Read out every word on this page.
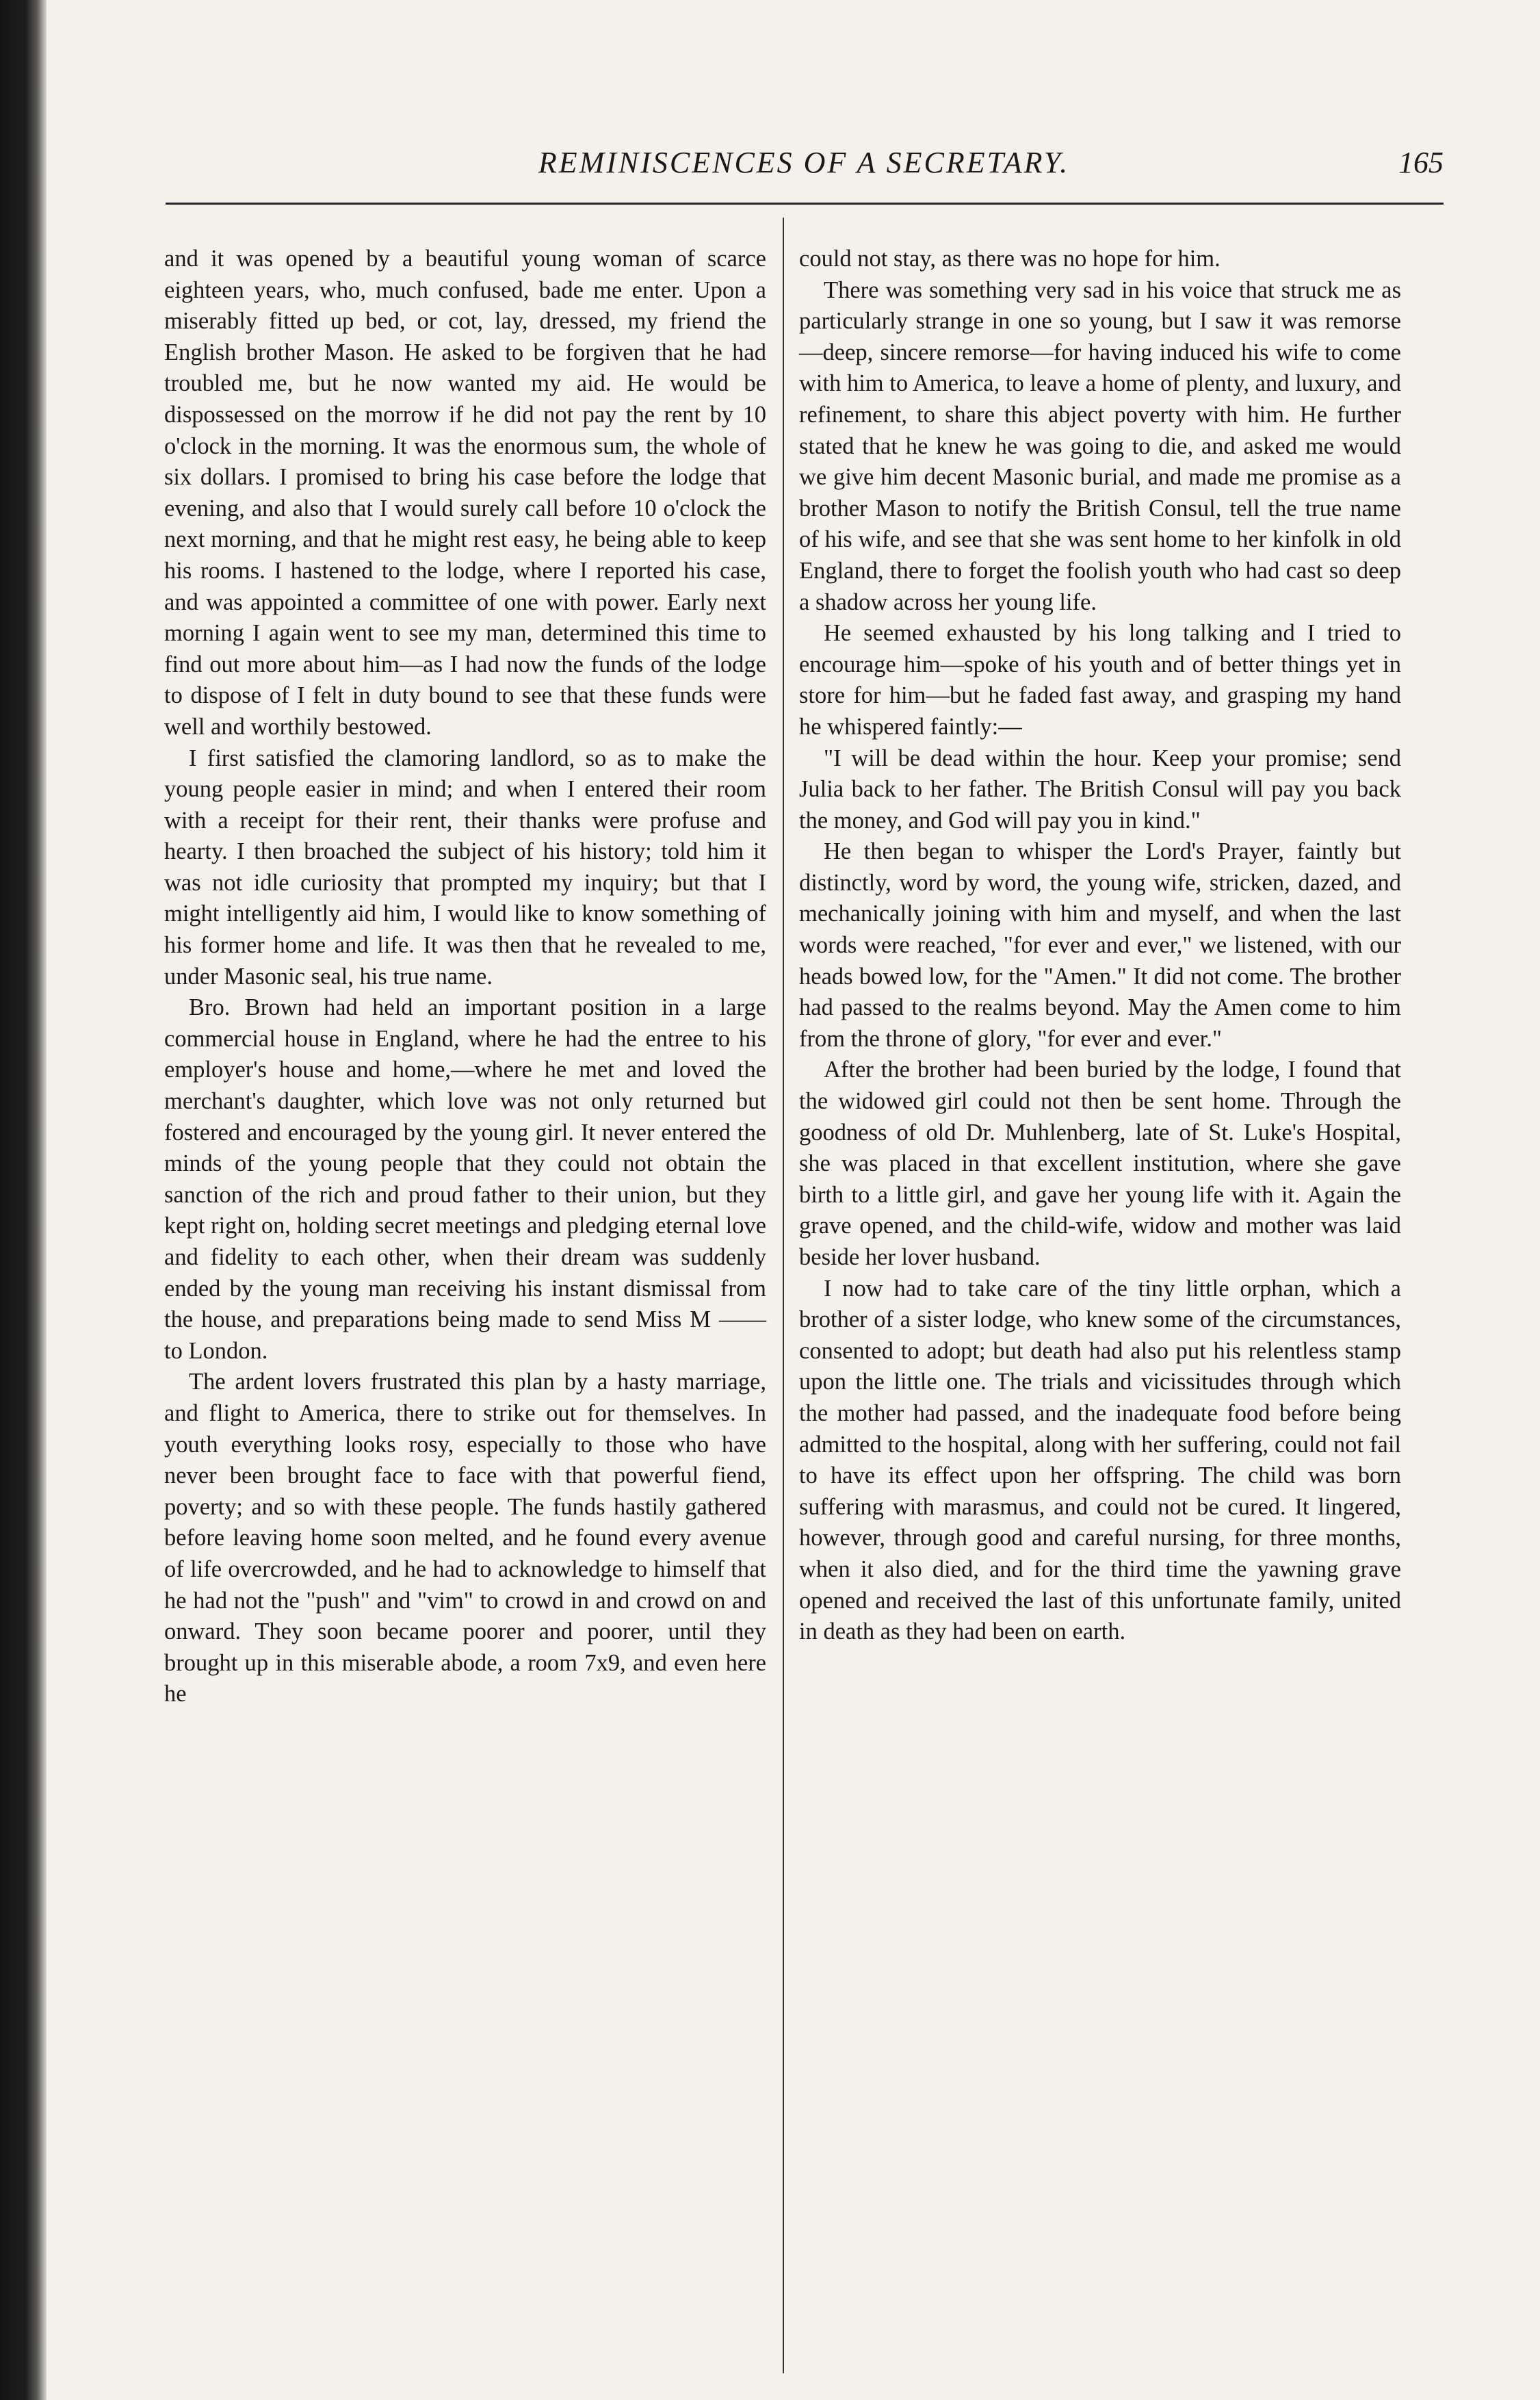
REMINISCENCES OF A SECRETARY.	165

and it was opened by a beautiful young woman of scarce eighteen years, who, much confused, bade me enter. Upon a miserably fitted up bed, or cot, lay, dressed, my friend the English brother Mason. He asked to be forgiven that he had troubled me, but he now wanted my aid. He would be dispossessed on the morrow if he did not pay the rent by 10 o'clock in the morning. It was the enormous sum, the whole of six dollars. I promised to bring his case before the lodge that evening, and also that I would surely call before 10 o'clock the next morning, and that he might rest easy, he being able to keep his rooms. I hastened to the lodge, where I reported his case, and was appointed a committee of one with power. Early next morning I again went to see my man, determined this time to find out more about him—as I had now the funds of the lodge to dispose of I felt in duty bound to see that these funds were well and worthily bestowed.

I first satisfied the clamoring landlord, so as to make the young people easier in mind; and when I entered their room with a receipt for their rent, their thanks were profuse and hearty. I then broached the subject of his history; told him it was not idle curiosity that prompted my inquiry; but that I might intelligently aid him, I would like to know something of his former home and life. It was then that he revealed to me, under Masonic seal, his true name.

Bro. Brown had held an important position in a large commercial house in England, where he had the entree to his employer's house and home,—where he met and loved the merchant's daughter, which love was not only returned but fostered and encouraged by the young girl. It never entered the minds of the young people that they could not obtain the sanction of the rich and proud father to their union, but they kept right on, holding secret meetings and pledging eternal love and fidelity to each other, when their dream was suddenly ended by the young man receiving his instant dismissal from the house, and preparations being made to send Miss M —— to London.

The ardent lovers frustrated this plan by a hasty marriage, and flight to America, there to strike out for themselves. In youth everything looks rosy, especially to those who have never been brought face to face with that powerful fiend, poverty; and so with these people. The funds hastily gathered before leaving home soon melted, and he found every avenue of life overcrowded, and he had to acknowledge to himself that he had not the "push" and "vim" to crowd in and crowd on and onward. They soon became poorer and poorer, until they brought up in this miserable abode, a room 7x9, and even here he

could not stay, as there was no hope for him.

There was something very sad in his voice that struck me as particularly strange in one so young, but I saw it was remorse—deep, sincere remorse—for having induced his wife to come with him to America, to leave a home of plenty, and luxury, and refinement, to share this abject poverty with him. He further stated that he knew he was going to die, and asked me would we give him decent Masonic burial, and made me promise as a brother Mason to notify the British Consul, tell the true name of his wife, and see that she was sent home to her kinfolk in old England, there to forget the foolish youth who had cast so deep a shadow across her young life.

He seemed exhausted by his long talking and I tried to encourage him—spoke of his youth and of better things yet in store for him—but he faded fast away, and grasping my hand he whispered faintly:—

"I will be dead within the hour. Keep your promise; send Julia back to her father. The British Consul will pay you back the money, and God will pay you in kind."

He then began to whisper the Lord's Prayer, faintly but distinctly, word by word, the young wife, stricken, dazed, and mechanically joining with him and myself, and when the last words were reached, "for ever and ever," we listened, with our heads bowed low, for the "Amen." It did not come. The brother had passed to the realms beyond. May the Amen come to him from the throne of glory, "for ever and ever."

After the brother had been buried by the lodge, I found that the widowed girl could not then be sent home. Through the goodness of old Dr. Muhlenberg, late of St. Luke's Hospital, she was placed in that excellent institution, where she gave birth to a little girl, and gave her young life with it. Again the grave opened, and the child-wife, widow and mother was laid beside her lover husband.

I now had to take care of the tiny little orphan, which a brother of a sister lodge, who knew some of the circumstances, consented to adopt; but death had also put his relentless stamp upon the little one. The trials and vicissitudes through which the mother had passed, and the inadequate food before being admitted to the hospital, along with her suffering, could not fail to have its effect upon her offspring. The child was born suffering with marasmus, and could not be cured. It lingered, however, through good and careful nursing, for three months, when it also died, and for the third time the yawning grave opened and received the last of this unfortunate family, united in death as they had been on earth.
